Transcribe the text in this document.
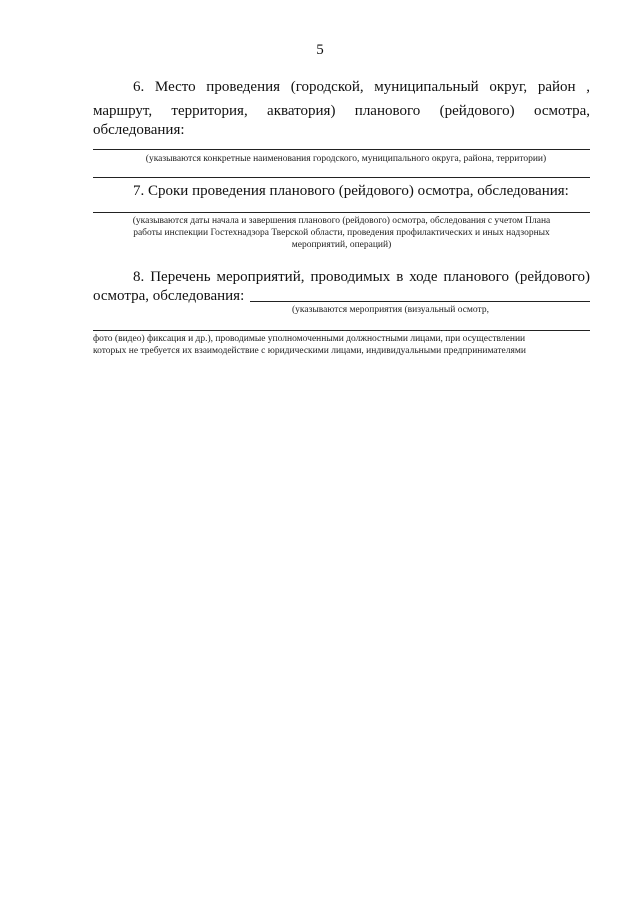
5
6. Место проведения (городской, муниципальный округ, район ,
маршрут, территория, акватория) планового (рейдового) осмотра,
обследования:
(указываются конкретные наименования городского, муниципального округа, района, территории)
7. Сроки проведения планового (рейдового) осмотра, обследования:
(указываются даты начала и завершения планового (рейдового) осмотра, обследования с учетом Плана
работы инспекции Гостехнадзора Тверской области, проведения профилактических и иных надзорных
мероприятий, операций)
8. Перечень мероприятий, проводимых в ходе планового (рейдового)
осмотра, обследования:
(указываются мероприятия (визуальный осмотр,
фото (видео) фиксация и др.), проводимые уполномоченными должностными лицами, при осуществлении
которых не требуется их взаимодействие с юридическими лицами, индивидуальными предпринимателями
